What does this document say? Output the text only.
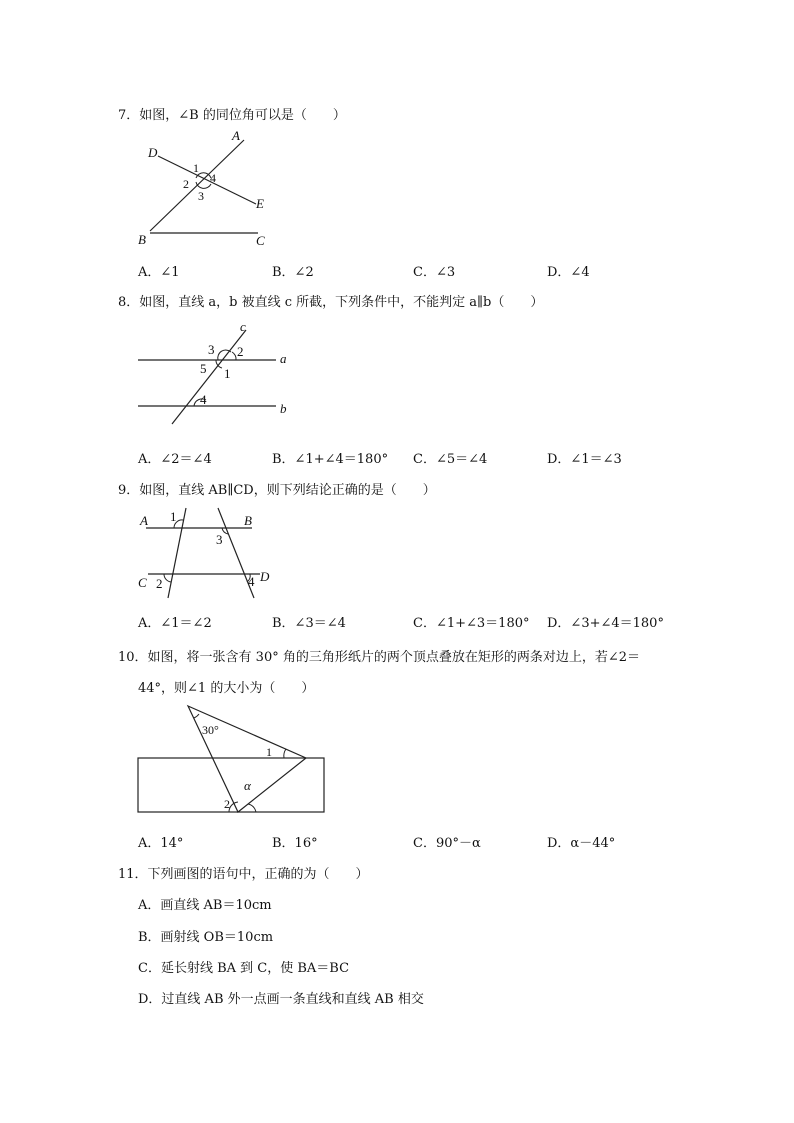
7．如图，∠B 的同位角可以是（　　）
D
A
E
B	C
1
2
3
4
A．∠1	B．∠2	C．∠3	D．∠4
8．如图，直线 a，b 被直线 c 所截，下列条件中，不能判定 a∥b（　　）
c
a
b
3 2
5 1
4
A．∠2＝∠4	B．∠1+∠4＝180° C．∠5＝∠4	D．∠1＝∠3
9．如图，直线 AB∥CD，则下列结论正确的是（　　）
A	B
C	D
1
3
2	4
A．∠1＝∠2	B．∠3＝∠4	C．∠1+∠3＝180° D．∠3+∠4＝180°
10．如图，将一张含有 30° 角的三角形纸片的两个顶点叠放在矩形的两条对边上，若∠2＝
44°，则∠1 的大小为（　　）
30°
1
α
2
A．14°	B．16°	C．90°－α	D．α－44°
11．下列画图的语句中，正确的为（　　）
A．画直线 AB＝10cm
B．画射线 OB＝10cm
C．延长射线 BA 到 C，使 BA＝BC
D．过直线 AB 外一点画一条直线和直线 AB 相交
